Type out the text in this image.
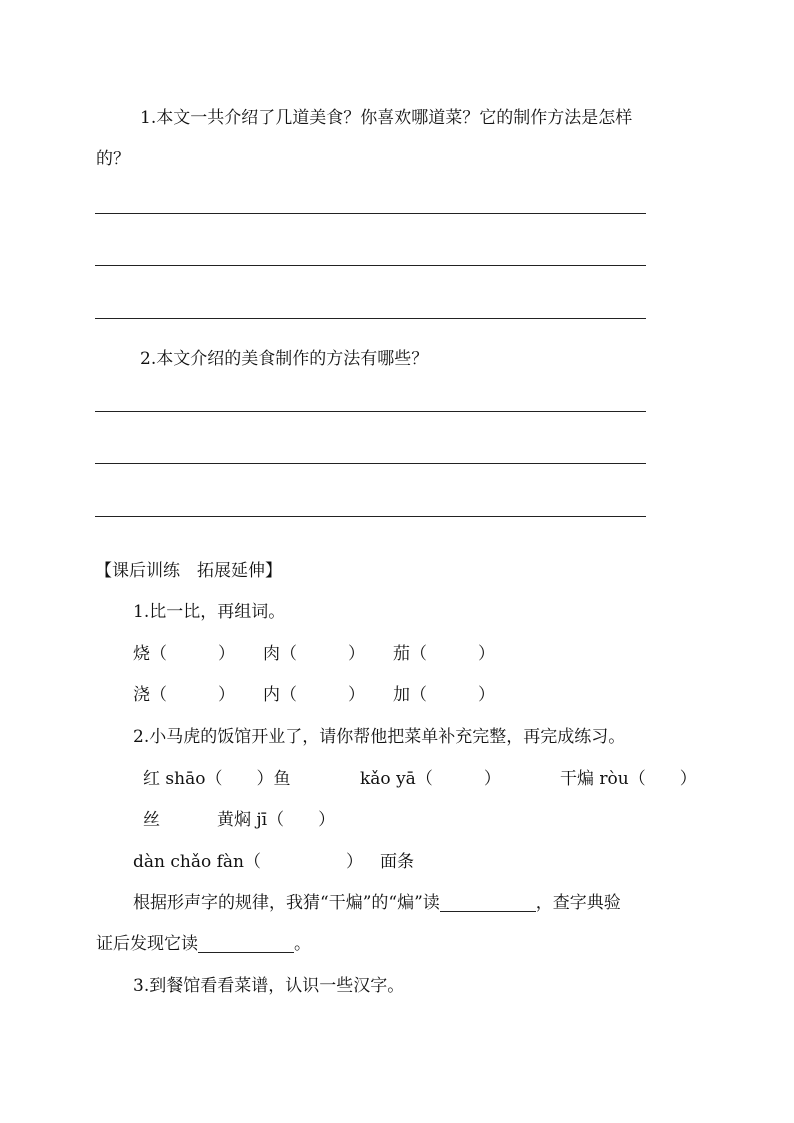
1.本文一共介绍了几道美食？你喜欢哪道菜？它的制作方法是怎样
的？
2.本文介绍的美食制作的方法有哪些？
【课后训练　拓展延伸】
1.比一比，再组词。
烧（　　　） 肉（　　　） 茄（　　　）
浇（　　　） 内（　　　） 加（　　　）
2.小马虎的饭馆开业了，请你帮他把菜单补充完整，再完成练习。
红 shāo（　　）鱼	kǎo yā（　　　）	干煸 ròu（　　）
丝	黄焖 jī（　　）
dàn chǎo fàn（　　　　　） 面条
根据形声字的规律，我猜“干煸”的“煸”读	，查字典验
证后发现它读	。
3.到餐馆看看菜谱，认识一些汉字。
